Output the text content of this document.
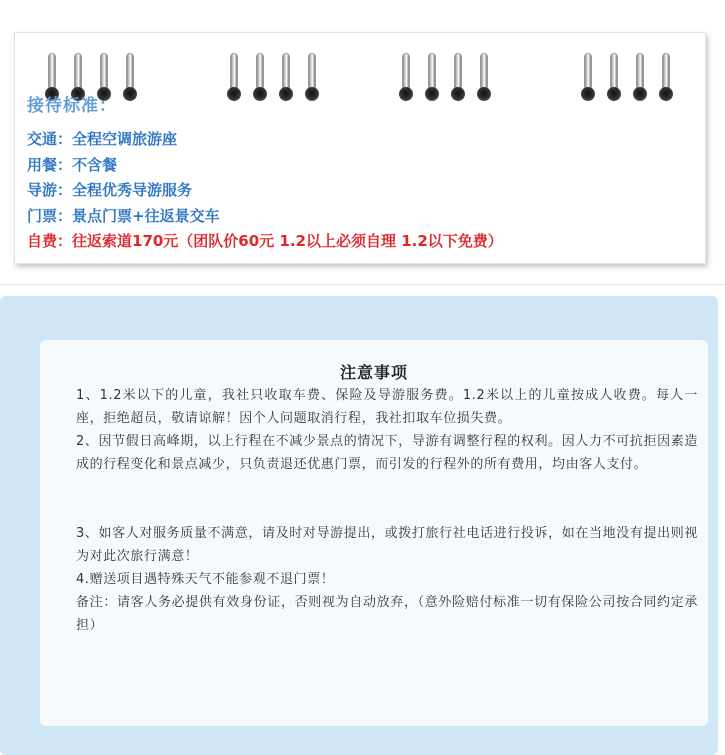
接待标准：
交通：全程空调旅游座
用餐：不含餐
导游：全程优秀导游服务
门票：景点门票+往返景交车
自费：往返索道170元（团队价60元 1.2以上必须自理 1.2以下免费）
注意事项

1、1.2米以下的儿童，我社只收取车费、保险及导游服务费。1.2米以上的儿童按成人收费。每人一座，拒绝超员，敬请谅解！因个人问题取消行程，我社扣取车位损失费。

2、因节假日高峰期，以上行程在不减少景点的情况下，导游有调整行程的权利。因人力不可抗拒因素造成的行程变化和景点减少，只负责退还优惠门票，而引发的行程外的所有费用，均由客人支付。

3、如客人对服务质量不满意，请及时对导游提出，或拨打旅行社电话进行投诉，如在当地没有提出则视为对此次旅行满意！

4.赠送项目遇特殊天气不能参观不退门票！

备注：请客人务必提供有效身份证，否则视为自动放弃，（意外险赔付标准一切有保险公司按合同约定承担）
